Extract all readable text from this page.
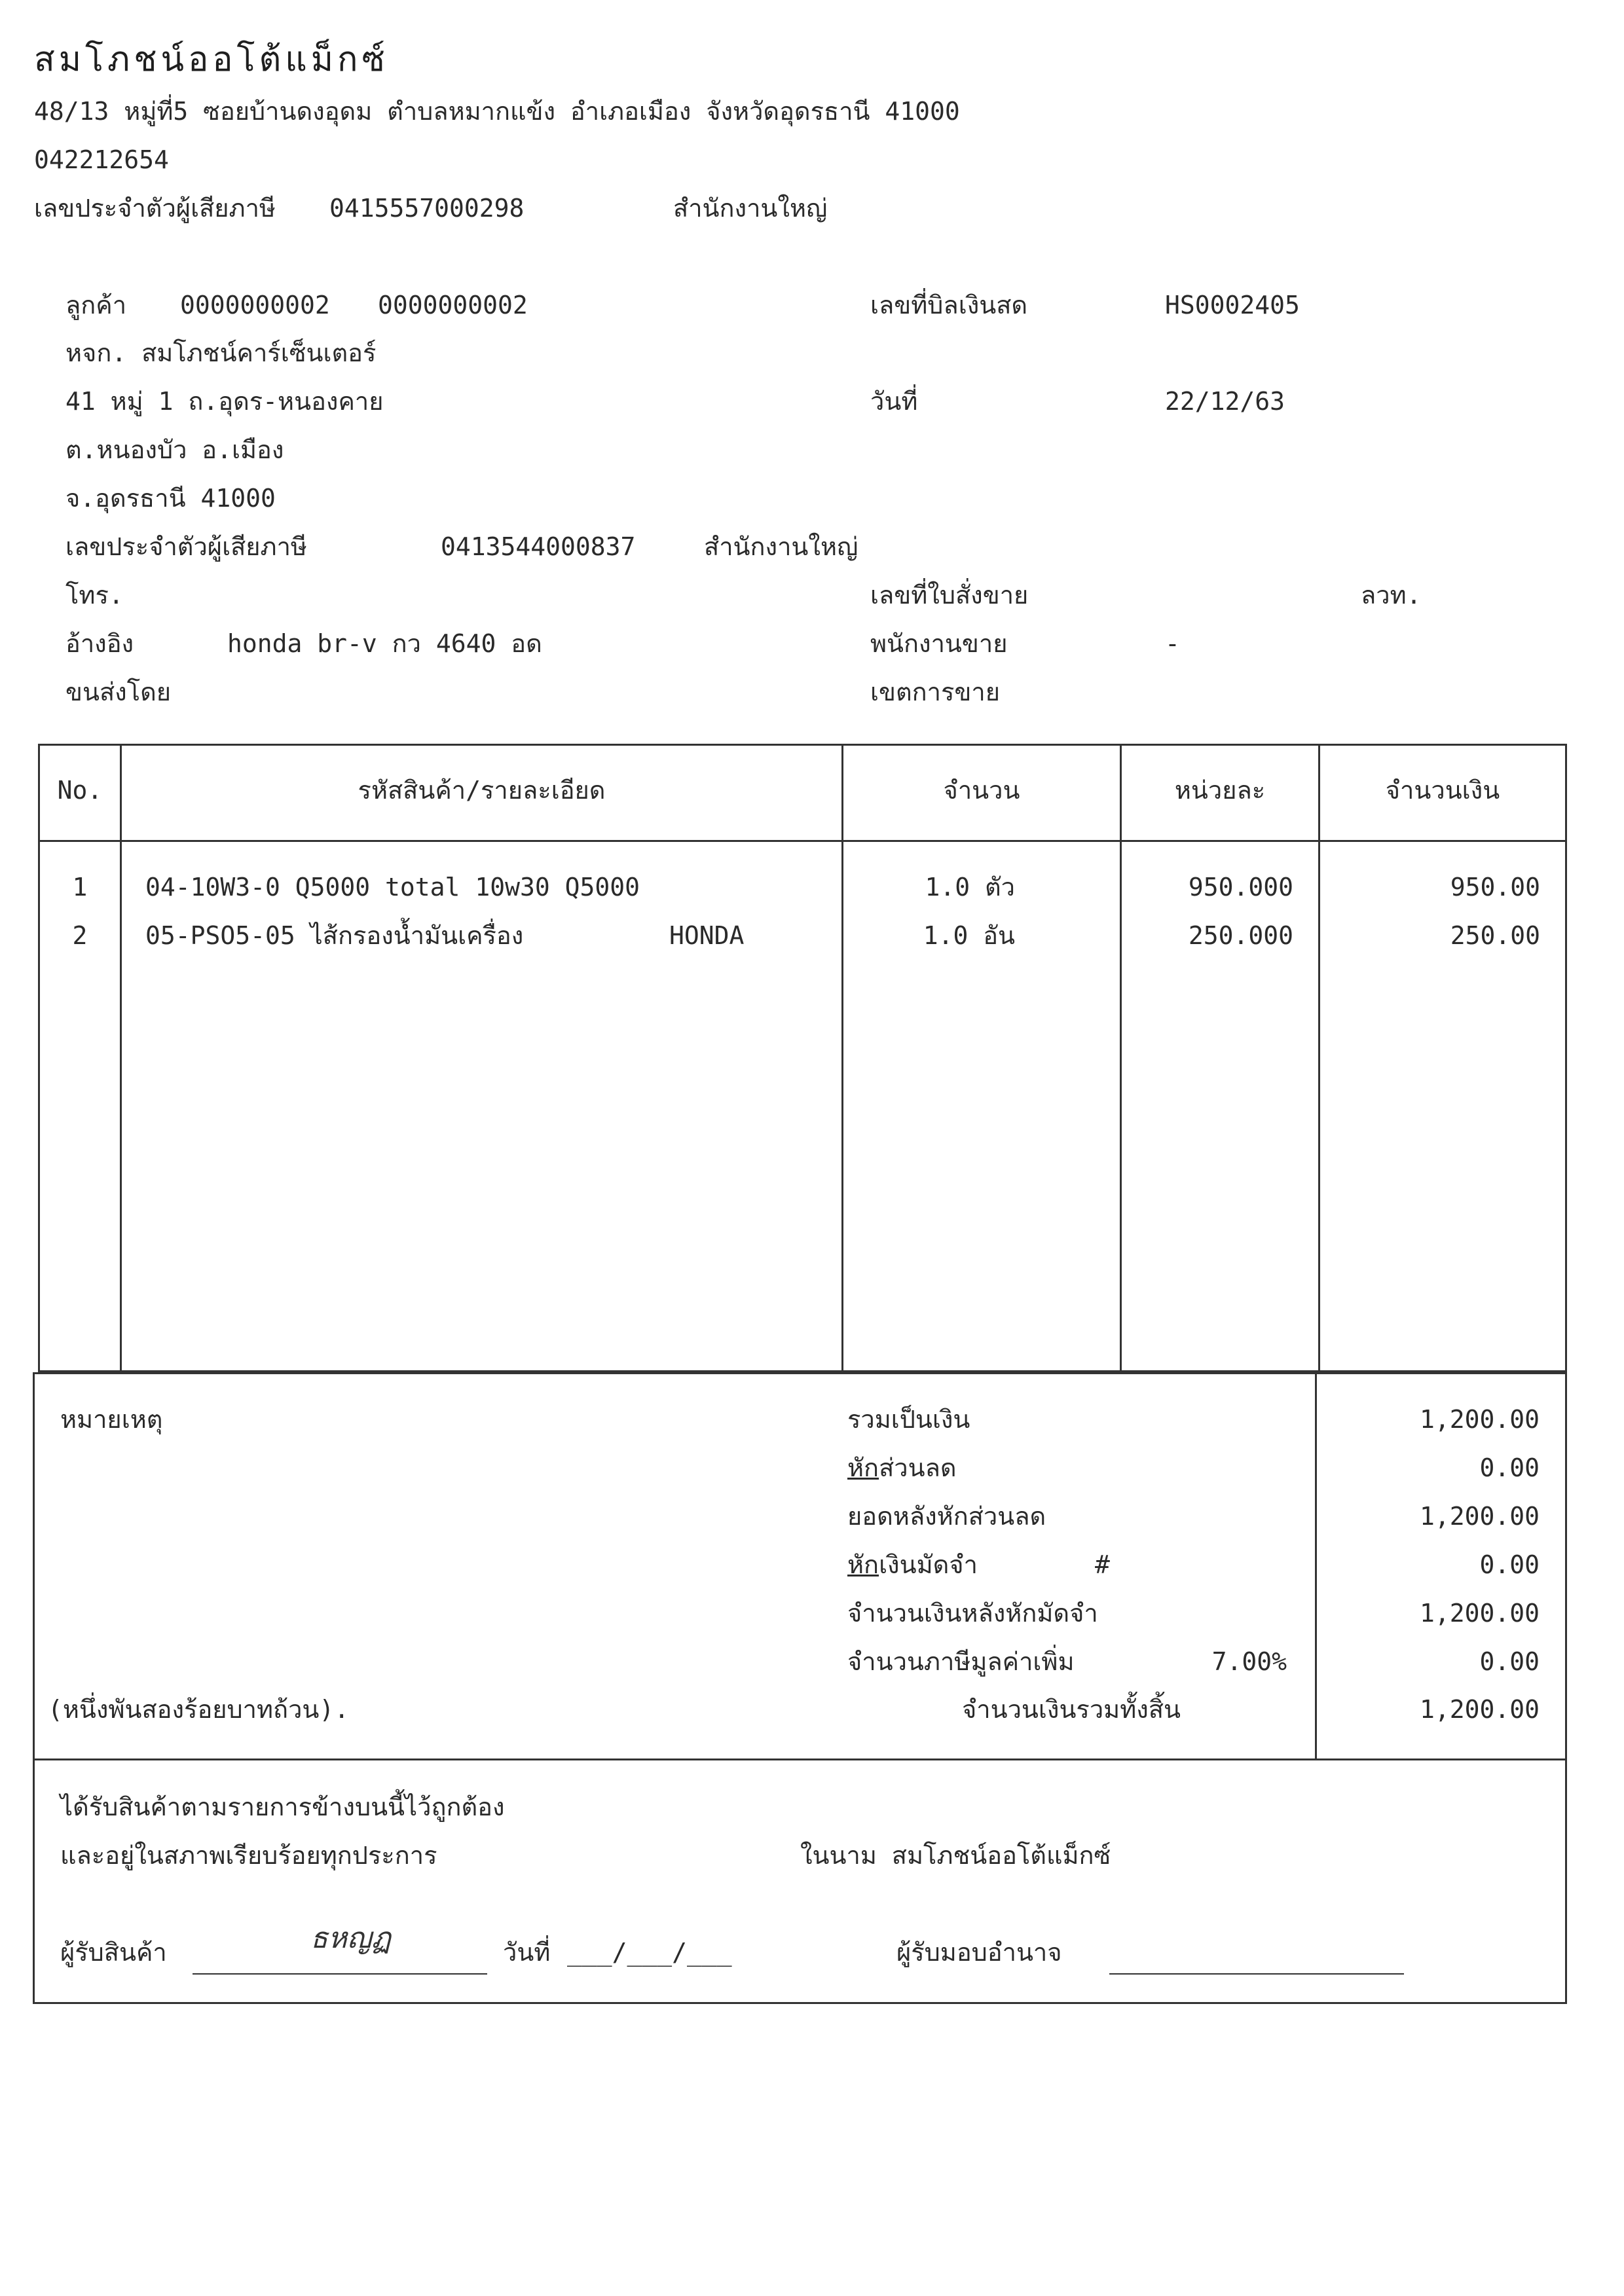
สมโภชน์ออโต้แม็กซ์
48/13 หมู่ที่5 ซอยบ้านดงอุดม ตำบลหมากแข้ง อำเภอเมือง จังหวัดอุดรธานี 41000
042212654
เลขประจำตัวผู้เสียภาษี 0415557000298	สำนักงานใหญ่
ลูกค้า 0000000002 0000000002
หจก. สมโภชน์คาร์เซ็นเตอร์
41 หมู่ 1 ถ.อุดร-หนองคาย
ต.หนองบัว อ.เมือง
จ.อุดรธานี 41000
เลขประจำตัวผู้เสียภาษี	0413544000837	สำนักงานใหญ่
โทร.
อ้างอิง	honda br-v กว 4640 อด
ขนส่งโดย
เลขที่บิลเงินสด	HS0002405
วันที่	22/12/63
เลขที่ใบสั่งขาย	ลวท.
พนักงานขาย	-
เขตการขาย
No.	รหัสสินค้า/รายละเอียด	จำนวน	หน่วยละ	จำนวนเงิน
1	04-10W3-0 Q5000 total 10w30 Q5000	1.0 ตัว	950.000	950.00
2	05-PSO5-05 ไส้กรองน้ำมันเครื่อง	HONDA	1.0 อัน	250.000	250.00
หมายเหตุ
(หนึ่งพันสองร้อยบาทถ้วน).
รวมเป็นเงิน	1,200.00
หักส่วนลด	0.00
ยอดหลังหักส่วนลด	1,200.00
หักเงินมัดจำ	#	0.00
จำนวนเงินหลังหักมัดจำ	1,200.00
จำนวนภาษีมูลค่าเพิ่ม	7.00%	0.00
จำนวนเงินรวมทั้งสิ้น	1,200.00
ได้รับสินค้าตามรายการข้างบนนี้ไว้ถูกต้อง
และอยู่ในสภาพเรียบร้อยทุกประการ	ในนาม สมโภชน์ออโต้แม็กซ์
ผู้รับสินค้า	ธหญฏ	วันที่ ___/___/___	ผู้รับมอบอำนาจ
